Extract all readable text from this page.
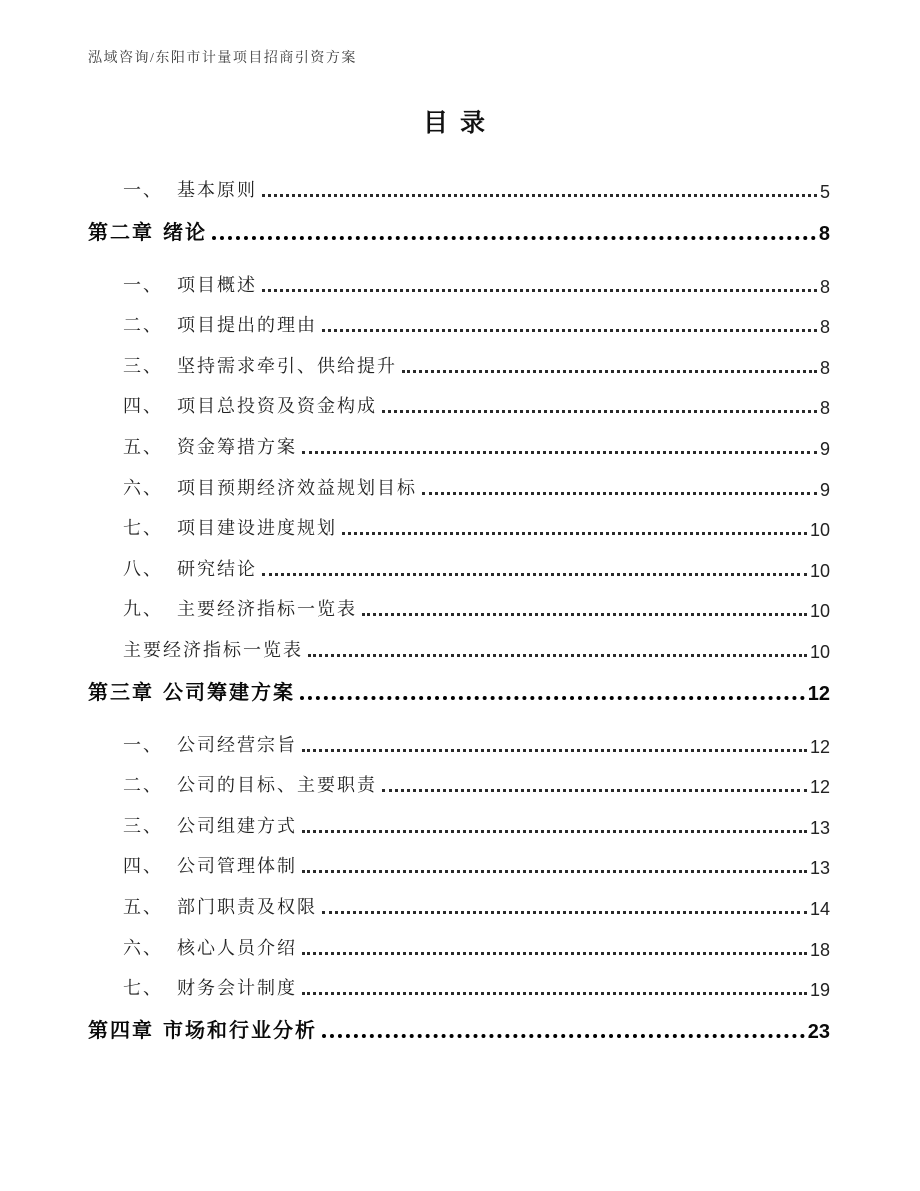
泓域咨询/东阳市计量项目招商引资方案
目录
一、 基本原则	5
第二章 绪论	8
一、 项目概述	8
二、 项目提出的理由	8
三、 坚持需求牵引、供给提升	8
四、 项目总投资及资金构成	8
五、 资金筹措方案	9
六、 项目预期经济效益规划目标	9
七、 项目建设进度规划	10
八、 研究结论	10
九、 主要经济指标一览表	10
主要经济指标一览表	10
第三章 公司筹建方案	12
一、 公司经营宗旨	12
二、 公司的目标、主要职责	12
三、 公司组建方式	13
四、 公司管理体制	13
五、 部门职责及权限	14
六、 核心人员介绍	18
七、 财务会计制度	19
第四章 市场和行业分析	23
